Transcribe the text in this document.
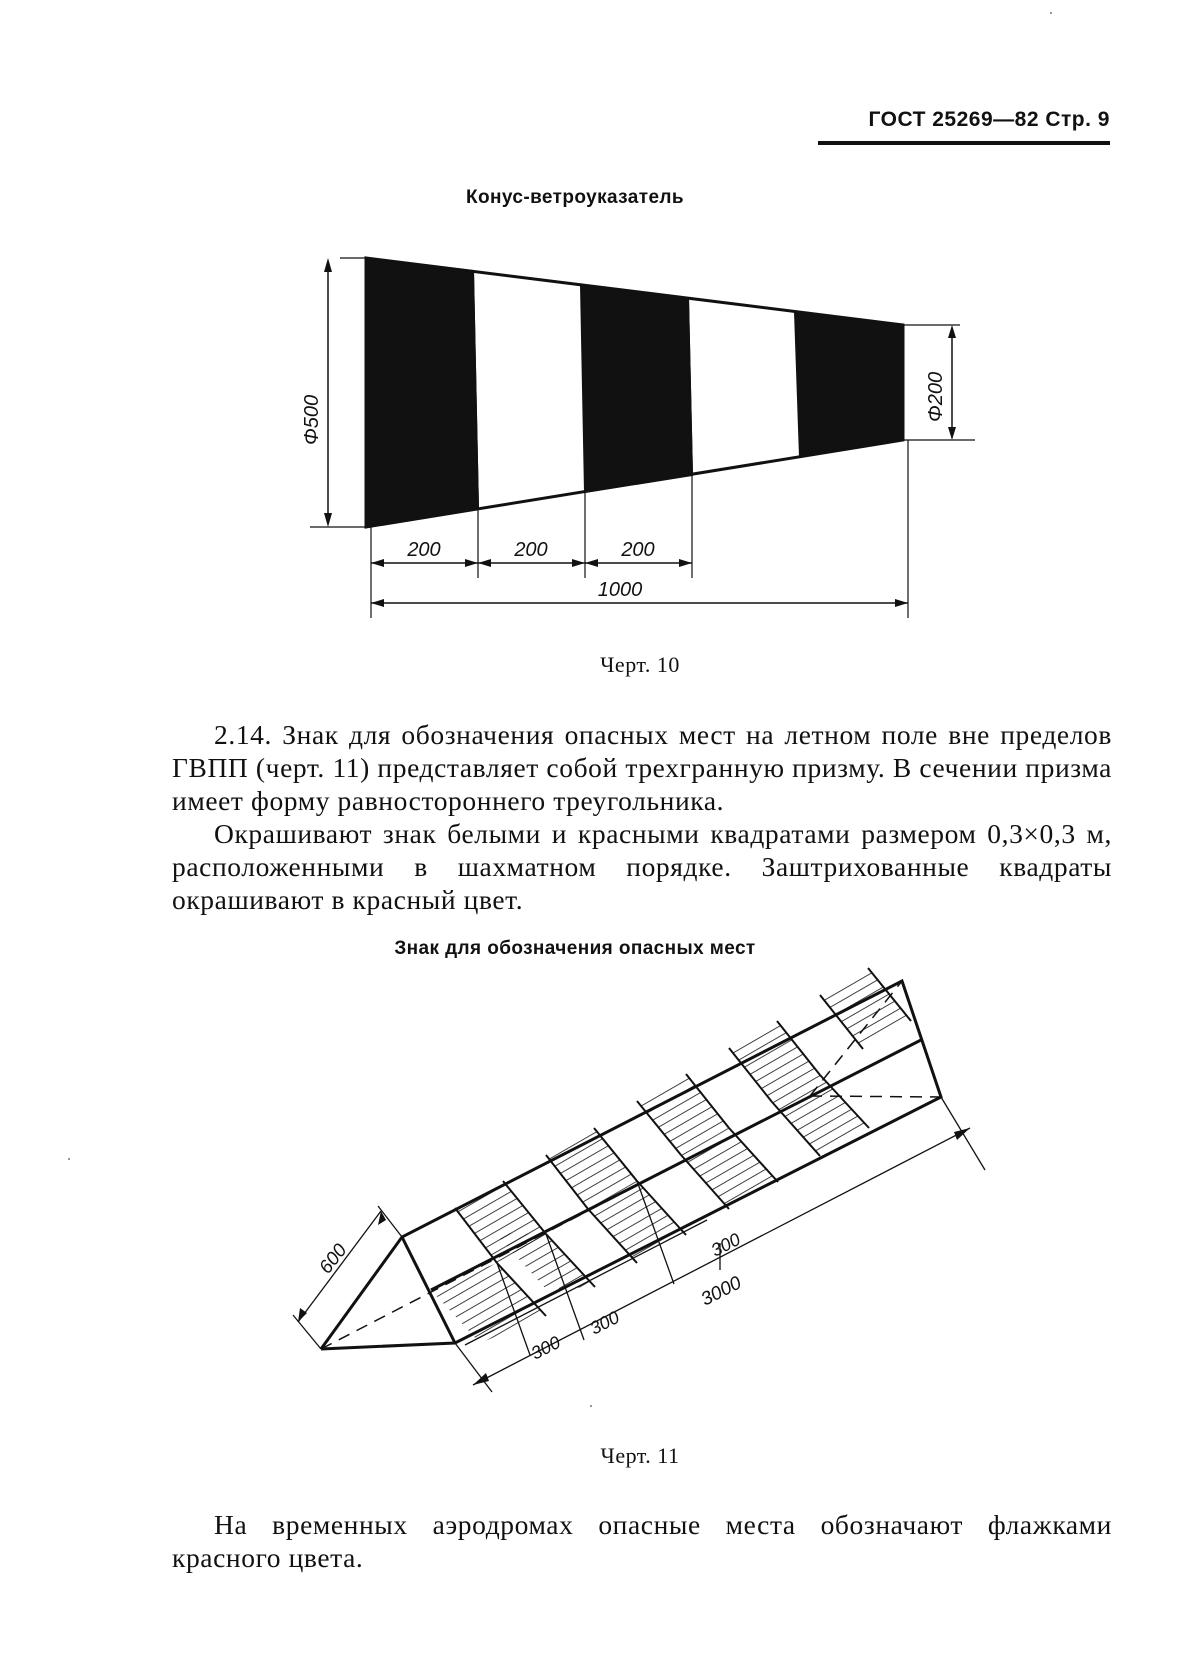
ГОСТ 25269—82 Стр. 9
Конус-ветроуказатель
Φ500	Φ200
200	200	200
1000
Черт. 10

2.14. Знак для обозначения опасных мест на летном поле вне пределов ГВПП (черт. 11) представляет собой трехгранную призму. В сечении призма имеет форму равностороннего треугольника.

Окрашивают знак белыми и красными квадратами размером 0,3×0,3 м, расположенными в шахматном порядке. Заштрихованные квадраты окрашивают в красный цвет.

Знак для обозначения опасных мест
600
300
300
300
3000
Черт. 11

На временных аэродромах опасные места обозначают флажками красного цвета.
